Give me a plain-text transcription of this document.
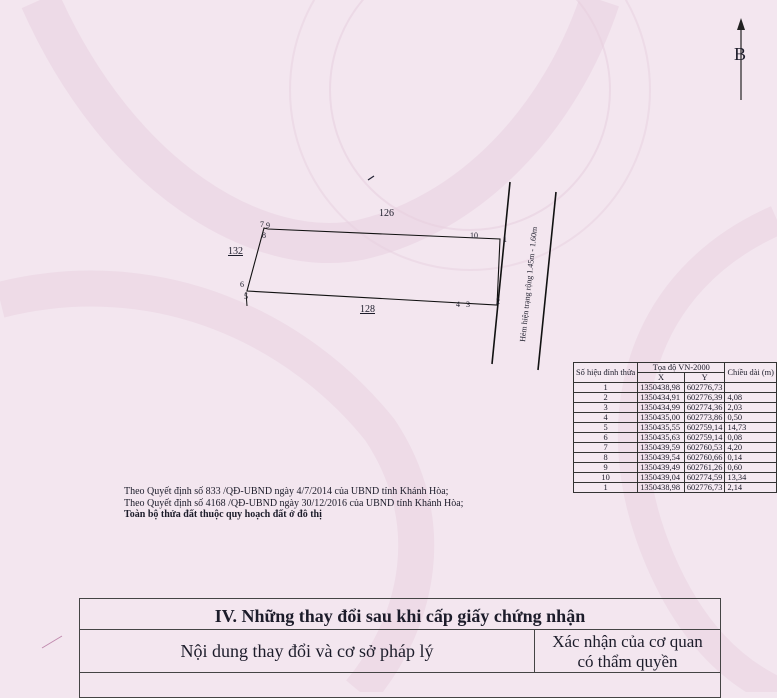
B
126
132
128
1
2
3
4
5
6
7
8
9
10	Hẻm hiện trạng rộng 1.45m - 1.60m
Số hiệu đỉnh thửa	Tọa độ VN-2000		Chiều dài (m)
	X	Y	
1	1350438,98	602776,73	
2	1350434,91	602776,39	4,08
3	1350434,99	602774,36	2,03
4	1350435,00	602773,86	0,50
5	1350435,55	602759,14	14,73
6	1350435,63	602759,14	0,08
7	1350439,59	602760,53	4,20
8	1350439,54	602760,66	0,14
9	1350439,49	602761,26	0,60
10	1350439,04	602774,59	13,34
1	1350438,98	602776,73	2,14
Theo Quyết định số 833 /QĐ-UBND ngày 4/7/2014 của UBND tỉnh Khánh Hòa;
Theo Quyết định số 4168 /QĐ-UBND ngày 30/12/2016 của UBND tỉnh Khánh Hòa;
Toàn bộ thửa đất thuộc quy hoạch đất ở đô thị
IV. Những thay đổi sau khi cấp giấy chứng nhận
Nội dung thay đổi và cơ sở pháp lý	Xác nhận của cơ quan
có thẩm quyền
